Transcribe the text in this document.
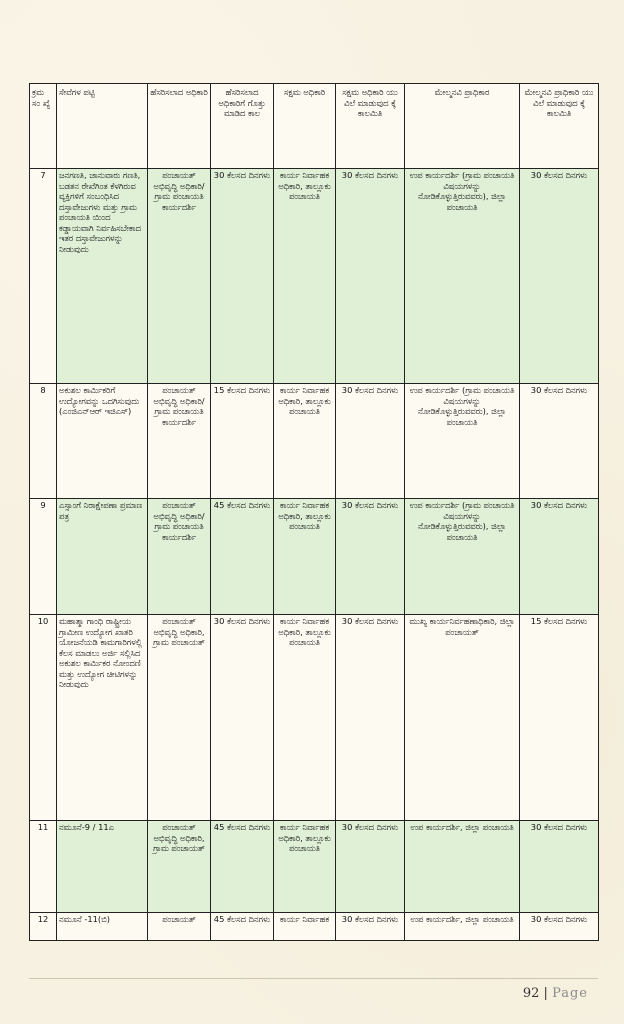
ಕ್ರಮ ಸಂ ಖ್ಯೆ	ಸೇವೆಗಳ ಪಟ್ಟಿ	ಹೆಸರಿಸಲಾದ ಅಧಿಕಾರಿ	ಹೆಸರಿಸಲಾದ ಅಧಿಕಾರಿಗೆ ಗೊತ್ತು ಮಾಡಿದ ಕಾಲ	ಸಕ್ಷಮ ಅಧಿಕಾರಿ	ಸಕ್ಷಮ ಅಧಿಕಾರಿ ಯು ವಿಲೆ ಮಾಡುವುದ ಕ್ಕೆ ಕಾಲಮಿತಿ	ಮೇಲ್ಮನವಿ ಪ್ರಾಧಿಕಾರ	ಮೇಲ್ಮನವಿ ಪ್ರಾಧಿಕಾರಿ ಯು ವಿಲೆ ಮಾಡುವುದ ಕ್ಕೆ ಕಾಲಮಿತಿ
7	ಜನಗಣತಿ, ಜಾನುವಾರು ಗಣತಿ, ಬಡತನ ರೇಖೆಗಿಂತ ಕೆಳಗಿರುವ ವ್ಯಕ್ತಿಗಳಿಗೆ ಸಂಬಂಧಿಸಿದ ದಸ್ತಾವೇಜುಗಳು ಮತ್ತು ಗ್ರಾಮ ಪಂಚಾಯತಿ ಯಿಂದ ಕಡ್ಡಾಯವಾಗಿ ನಿರ್ವಹಿಸಬೇಕಾದ ಇತರ ದಸ್ತಾವೇಜುಗಳನ್ನು ನೀಡುವುದು	ಪಂಚಾಯತ್ ಅಭಿವೃದ್ಧಿ ಅಧಿಕಾರಿ/ ಗ್ರಾಮ ಪಂಚಾಯತಿ ಕಾರ್ಯದರ್ಶಿ	30 ಕೆಲಸದ ದಿನಗಳು	ಕಾರ್ಯ ನಿರ್ವಾಹಕ ಅಧಿಕಾರಿ, ತಾಲ್ಲೂಕು ಪಂಚಾಯತಿ	30 ಕೆಲಸದ ದಿನಗಳು	ಉಪ ಕಾರ್ಯದರ್ಶಿ (ಗ್ರಾಮ ಪಂಚಾಯತಿ ವಿಷಯಗಳನ್ನು ನೋಡಿಕೊಳ್ಳುತ್ತಿರುವವರು), ಜಿಲ್ಲಾ ಪಂಚಾಯತಿ	30 ಕೆಲಸದ ದಿನಗಳು
8	ಅಕುಶಲ ಕಾರ್ಮಿಕರಿಗೆ ಉದ್ಯೋಗವನ್ನು ಒದಗಿಸುವುದು (ಎಂಜಿಎನ್‌ಆರ್ ಇಜಿಎಸ್)	ಪಂಚಾಯತ್ ಅಭಿವೃದ್ಧಿ ಅಧಿಕಾರಿ/ ಗ್ರಾಮ ಪಂಚಾಯತಿ ಕಾರ್ಯದರ್ಶಿ	15 ಕೆಲಸದ ದಿನಗಳು	ಕಾರ್ಯ ನಿರ್ವಾಹಕ ಅಧಿಕಾರಿ, ತಾಲ್ಲೂಕು ಪಂಚಾಯತಿ	30 ಕೆಲಸದ ದಿನಗಳು	ಉಪ ಕಾರ್ಯದರ್ಶಿ (ಗ್ರಾಮ ಪಂಚಾಯತಿ ವಿಷಯಗಳನ್ನು ನೋಡಿಕೊಳ್ಳುತ್ತಿರುವವರು), ಜಿಲ್ಲಾ ಪಂಚಾಯತಿ	30 ಕೆಲಸದ ದಿನಗಳು
9	ಎಸ್ಸಾಂಗೆ ನಿರಾಕ್ಷೇಪಣಾ ಪ್ರಮಾಣ ಪತ್ರ	ಪಂಚಾಯತ್ ಅಭಿವೃದ್ಧಿ ಅಧಿಕಾರಿ/ ಗ್ರಾಮ ಪಂಚಾಯತಿ ಕಾರ್ಯದರ್ಶಿ	45 ಕೆಲಸದ ದಿನಗಳು	ಕಾರ್ಯ ನಿರ್ವಾಹಕ ಅಧಿಕಾರಿ, ತಾಲ್ಲೂಕು ಪಂಚಾಯತಿ	30 ಕೆಲಸದ ದಿನಗಳು	ಉಪ ಕಾರ್ಯದರ್ಶಿ (ಗ್ರಾಮ ಪಂಚಾಯತಿ ವಿಷಯಗಳನ್ನು ನೋಡಿಕೊಳ್ಳುತ್ತಿರುವವರು), ಜಿಲ್ಲಾ ಪಂಚಾಯತಿ	30 ಕೆಲಸದ ದಿನಗಳು
10	ಮಹಾತ್ಮಾ ಗಾಂಧಿ ರಾಷ್ಟ್ರೀಯ ಗ್ರಾಮೀಣ ಉದ್ಯೋಗ ಖಾತರಿ ಯೋಜನೆಯಡಿ ಕಾಮಗಾರಿಗಳಲ್ಲಿ ಕೆಲಸ ಮಾಡಲು ಅರ್ಜಿ ಸಲ್ಲಿಸಿದ ಅಕುಶಲ ಕಾರ್ಮಿಕರ ನೋಂದಣಿ ಮತ್ತು ಉದ್ಯೋಗ ಚೀಟಿಗಳನ್ನು ನೀಡುವುದು	ಪಂಚಾಯತ್ ಅಭಿವೃದ್ಧಿ ಅಧಿಕಾರಿ, ಗ್ರಾಮ ಪಂಚಾಯತ್	30 ಕೆಲಸದ ದಿನಗಳು	ಕಾರ್ಯ ನಿರ್ವಾಹಕ ಅಧಿಕಾರಿ, ತಾಲ್ಲೂಕು ಪಂಚಾಯತಿ	30 ಕೆಲಸದ ದಿನಗಳು	ಮುಖ್ಯ ಕಾರ್ಯನಿರ್ವಹಣಾಧಿಕಾರಿ, ಜಿಲ್ಲಾ ಪಂಚಾಯತ್	15 ಕೆಲಸದ ದಿನಗಳು
11	ನಮೂನೆ-9 / 11ಎ	ಪಂಚಾಯತ್ ಅಭಿವೃದ್ಧಿ ಅಧಿಕಾರಿ, ಗ್ರಾಮ ಪಂಚಾಯತ್	45 ಕೆಲಸದ ದಿನಗಳು	ಕಾರ್ಯ ನಿರ್ವಾಹಕ ಅಧಿಕಾರಿ, ತಾಲ್ಲೂಕು ಪಂಚಾಯತಿ	30 ಕೆಲಸದ ದಿನಗಳು	ಉಪ ಕಾರ್ಯದರ್ಶಿ, ಜಿಲ್ಲಾ ಪಂಚಾಯತಿ	30 ಕೆಲಸದ ದಿನಗಳು
12	ನಮೂನೆ -11(ಬಿ)	ಪಂಚಾಯತ್	45 ಕೆಲಸದ ದಿನಗಳು	ಕಾರ್ಯ ನಿರ್ವಾಹಕ	30 ಕೆಲಸದ ದಿನಗಳು	ಉಪ ಕಾರ್ಯದರ್ಶಿ, ಜಿಲ್ಲಾ ಪಂಚಾಯತಿ	30 ಕೆಲಸದ ದಿನಗಳು
92 | Page
